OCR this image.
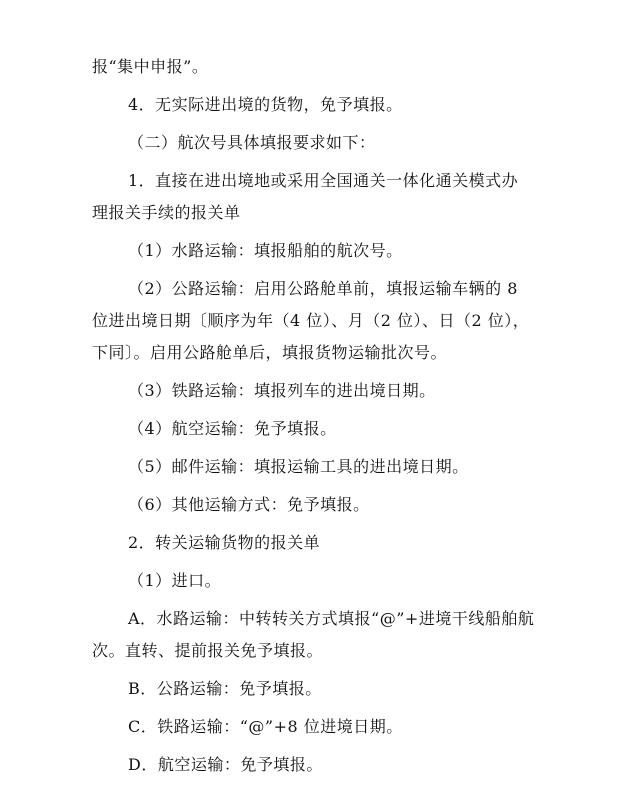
报“集中申报”。
4．无实际进出境的货物，免予填报。
（二）航次号具体填报要求如下：
1．直接在进出境地或采用全国通关一体化通关模式办
理报关手续的报关单
（1）水路运输：填报船舶的航次号。
（2）公路运输：启用公路舱单前，填报运输车辆的 8
位进出境日期〔顺序为年（4 位）、月（2 位）、日（2 位），
下同〕。启用公路舱单后，填报货物运输批次号。
（3）铁路运输：填报列车的进出境日期。
（4）航空运输：免予填报。
（5）邮件运输：填报运输工具的进出境日期。
（6）其他运输方式：免予填报。
2．转关运输货物的报关单
（1）进口。
A．水路运输：中转转关方式填报“@”+进境干线船舶航
次。直转、提前报关免予填报。
B．公路运输：免予填报。
C．铁路运输：“@”+8 位进境日期。
D．航空运输：免予填报。
